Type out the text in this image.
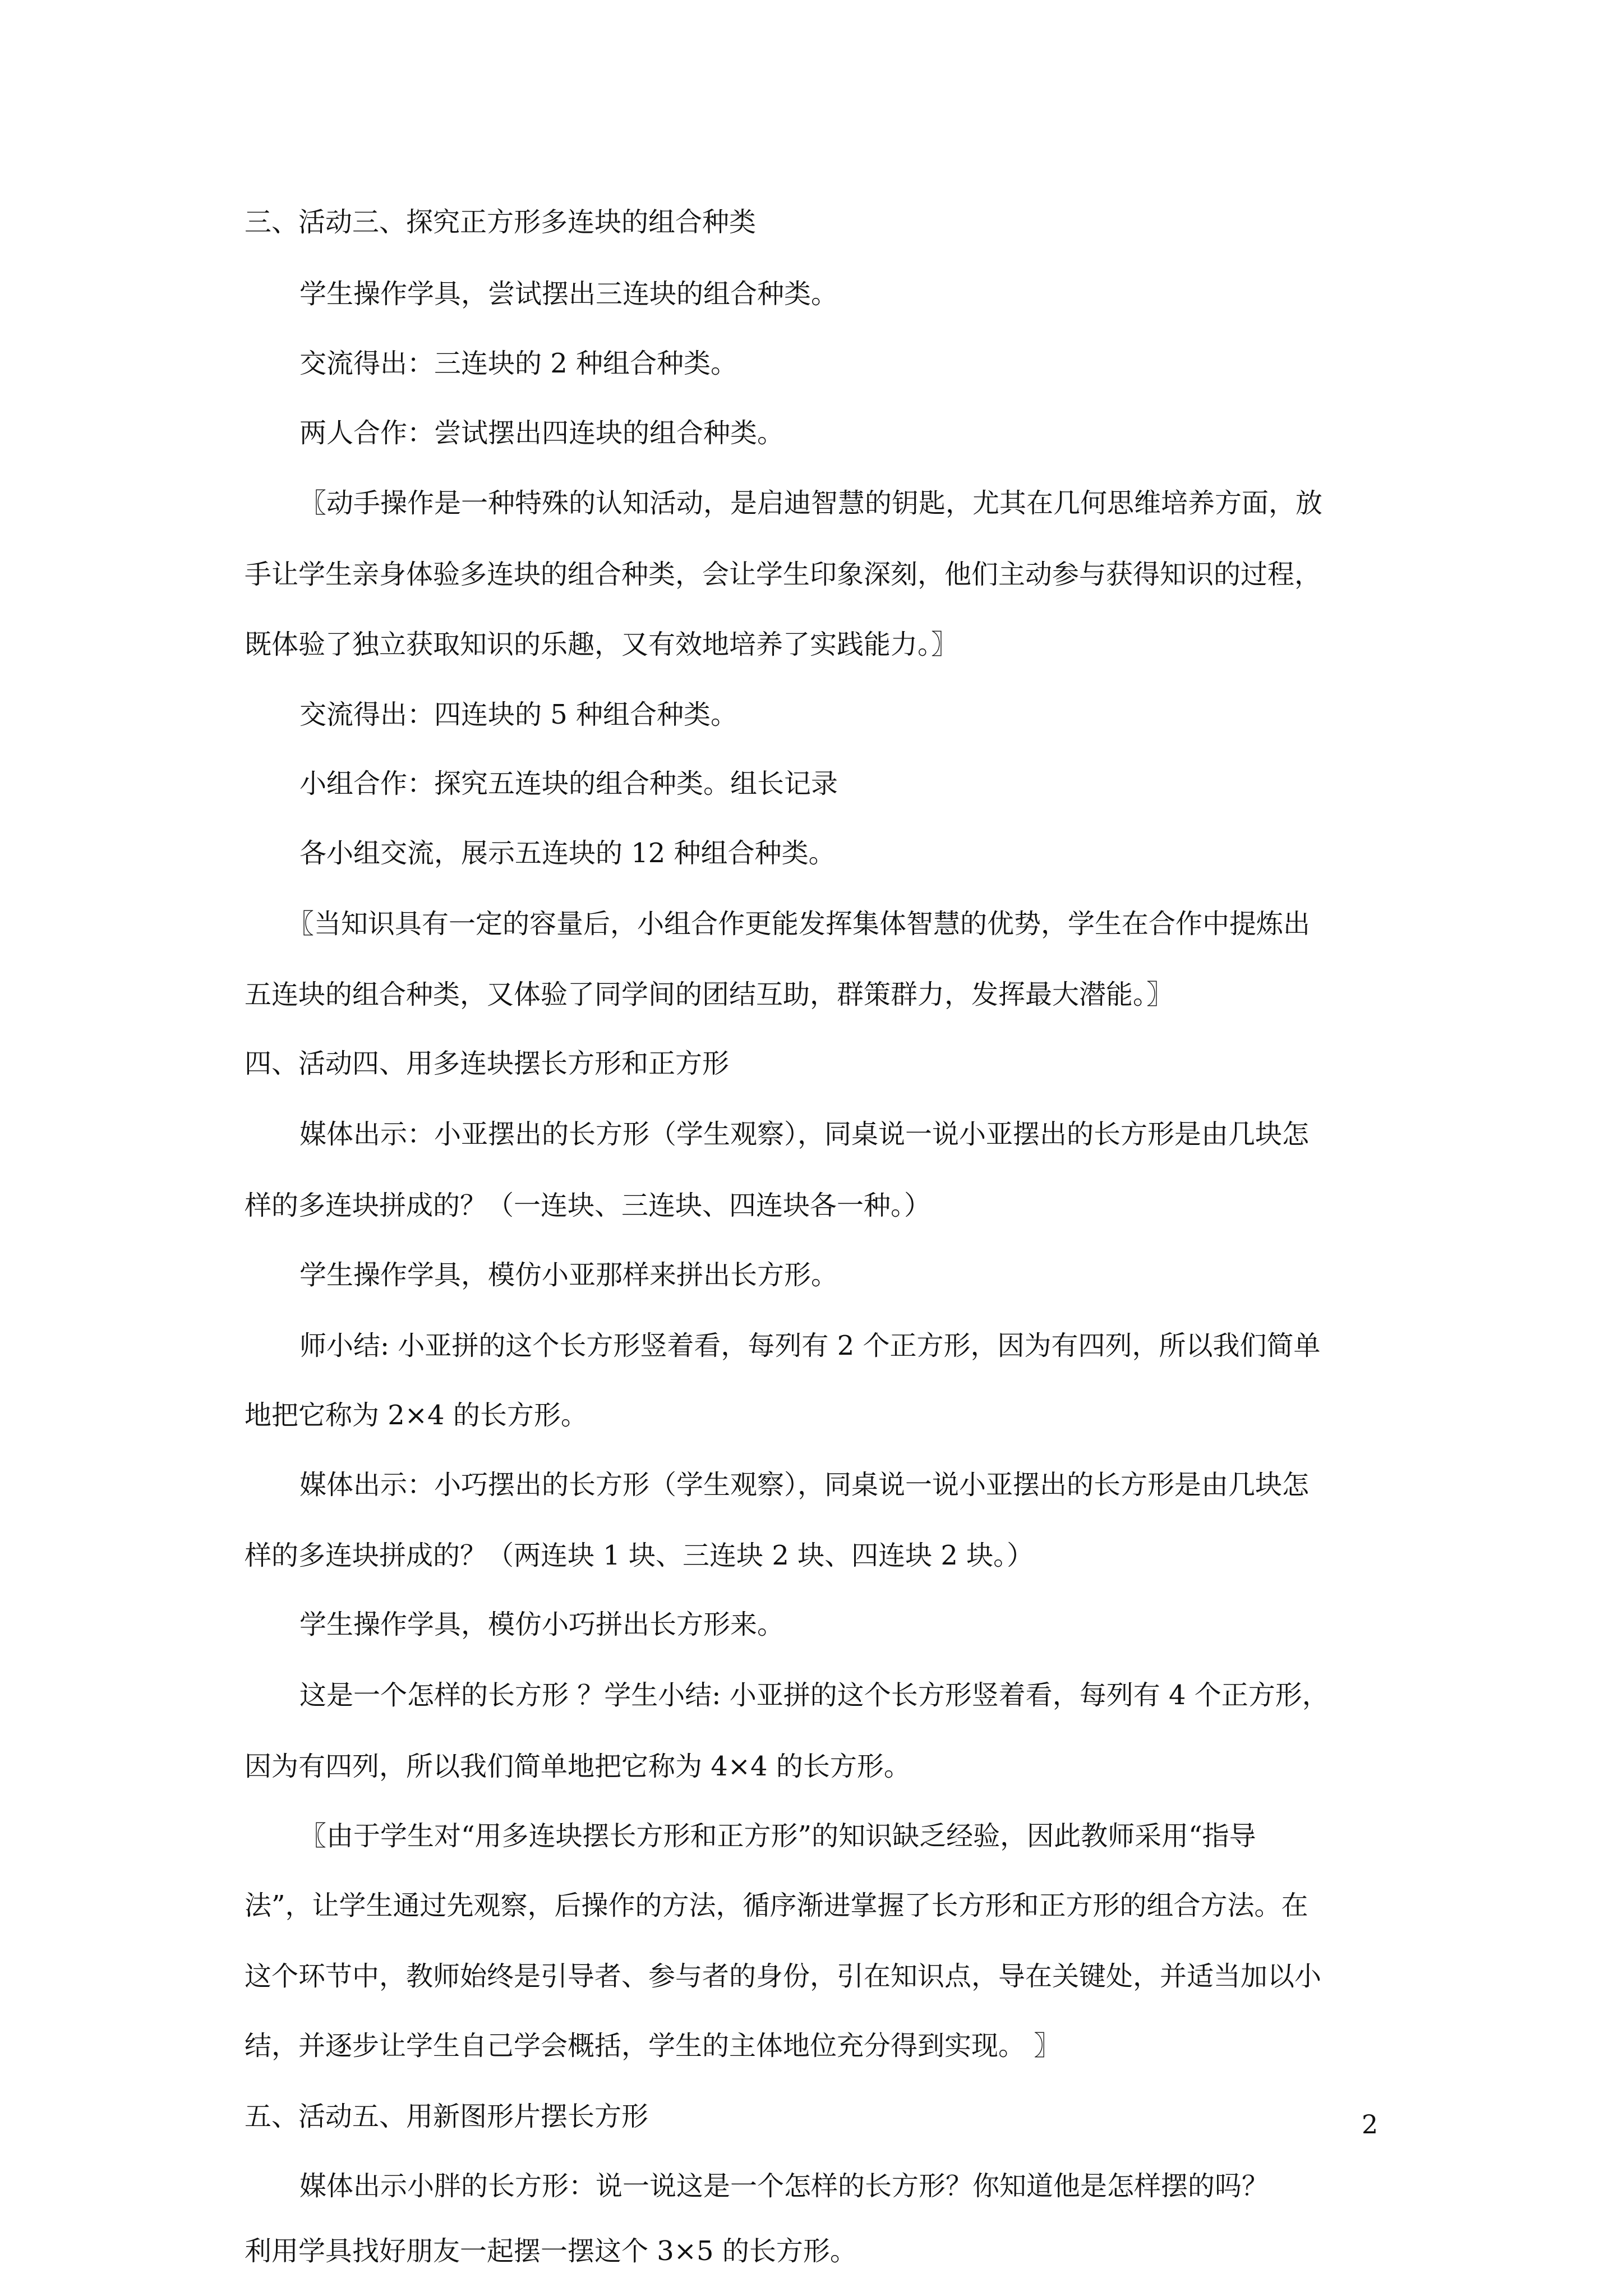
三、活动三、探究正方形多连块的组合种类

学生操作学具，尝试摆出三连块的组合种类。

交流得出：三连块的 2 种组合种类。

两人合作：尝试摆出四连块的组合种类。

〖动手操作是一种特殊的认知活动，是启迪智慧的钥匙，尤其在几何思维培养方面，放

手让学生亲身体验多连块的组合种类，会让学生印象深刻，他们主动参与获得知识的过程，

既体验了独立获取知识的乐趣，又有效地培养了实践能力。〗

交流得出：四连块的 5 种组合种类。

小组合作：探究五连块的组合种类。组长记录

各小组交流，展示五连块的 12 种组合种类。

〖当知识具有一定的容量后，小组合作更能发挥集体智慧的优势，学生在合作中提炼出

五连块的组合种类，又体验了同学间的团结互助，群策群力，发挥最大潜能。〗

四、活动四、用多连块摆长方形和正方形

媒体出示：小亚摆出的长方形（学生观察），同桌说一说小亚摆出的长方形是由几块怎

样的多连块拼成的？（一连块、三连块、四连块各一种。）

学生操作学具，模仿小亚那样来拼出长方形。

师小结: 小亚拼的这个长方形竖着看，每列有 2 个正方形，因为有四列，所以我们简单

地把它称为 2×4 的长方形。

媒体出示：小巧摆出的长方形（学生观察），同桌说一说小亚摆出的长方形是由几块怎

样的多连块拼成的？（两连块 1 块、三连块 2 块、四连块 2 块。）

学生操作学具，模仿小巧拼出长方形来。

这是一个怎样的长方形 ？学生小结: 小亚拼的这个长方形竖着看，每列有 4 个正方形，

因为有四列，所以我们简单地把它称为 4×4 的长方形。

〖由于学生对“用多连块摆长方形和正方形”的知识缺乏经验，因此教师采用“指导

法”，让学生通过先观察，后操作的方法，循序渐进掌握了长方形和正方形的组合方法。在

这个环节中，教师始终是引导者、参与者的身份，引在知识点，导在关键处，并适当加以小

结，并逐步让学生自己学会概括，学生的主体地位充分得到实现。 〗

五、活动五、用新图形片摆长方形

媒体出示小胖的长方形：说一说这是一个怎样的长方形？你知道他是怎样摆的吗？

利用学具找好朋友一起摆一摆这个 3×5 的长方形。

2
